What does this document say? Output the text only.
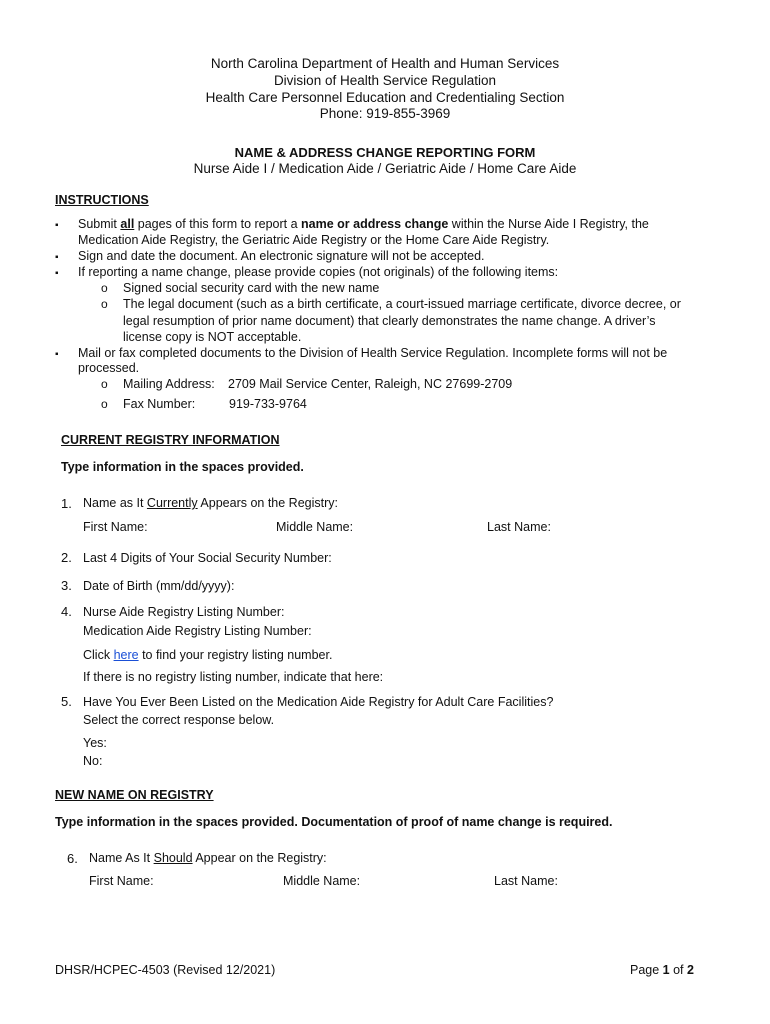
North Carolina Department of Health and Human Services
Division of Health Service Regulation
Health Care Personnel Education and Credentialing Section
Phone: 919-855-3969
NAME & ADDRESS CHANGE REPORTING FORM
Nurse Aide I / Medication Aide / Geriatric Aide / Home Care Aide
INSTRUCTIONS
▪ Submit all pages of this form to report a name or address change within the Nurse Aide I Registry, the
Medication Aide Registry, the Geriatric Aide Registry or the Home Care Aide Registry.
▪ Sign and date the document. An electronic signature will not be accepted.
▪ If reporting a name change, please provide copies (not originals) of the following items:
o Signed social security card with the new name
o The legal document (such as a birth certificate, a court-issued marriage certificate, divorce decree, or
legal resumption of prior name document) that clearly demonstrates the name change. A driver’s
license copy is NOT acceptable.
▪ Mail or fax completed documents to the Division of Health Service Regulation. Incomplete forms will not be
processed.
o Mailing Address: 2709 Mail Service Center, Raleigh, NC 27699-2709
o Fax Number:	919-733-9764
CURRENT REGISTRY INFORMATION
Type information in the spaces provided.
1. Name as It Currently Appears on the Registry:
First Name:	Middle Name:	Last Name:
2. Last 4 Digits of Your Social Security Number:
3. Date of Birth (mm/dd/yyyy):
4. Nurse Aide Registry Listing Number:
Medication Aide Registry Listing Number:
Click here to find your registry listing number.
If there is no registry listing number, indicate that here:
5. Have You Ever Been Listed on the Medication Aide Registry for Adult Care Facilities?
Select the correct response below.
Yes:
No:
NEW NAME ON REGISTRY
Type information in the spaces provided. Documentation of proof of name change is required.
6. Name As It Should Appear on the Registry:
First Name:	Middle Name:	Last Name:
DHSR/HCPEC-4503 (Revised 12/2021)	Page 1 of 2
